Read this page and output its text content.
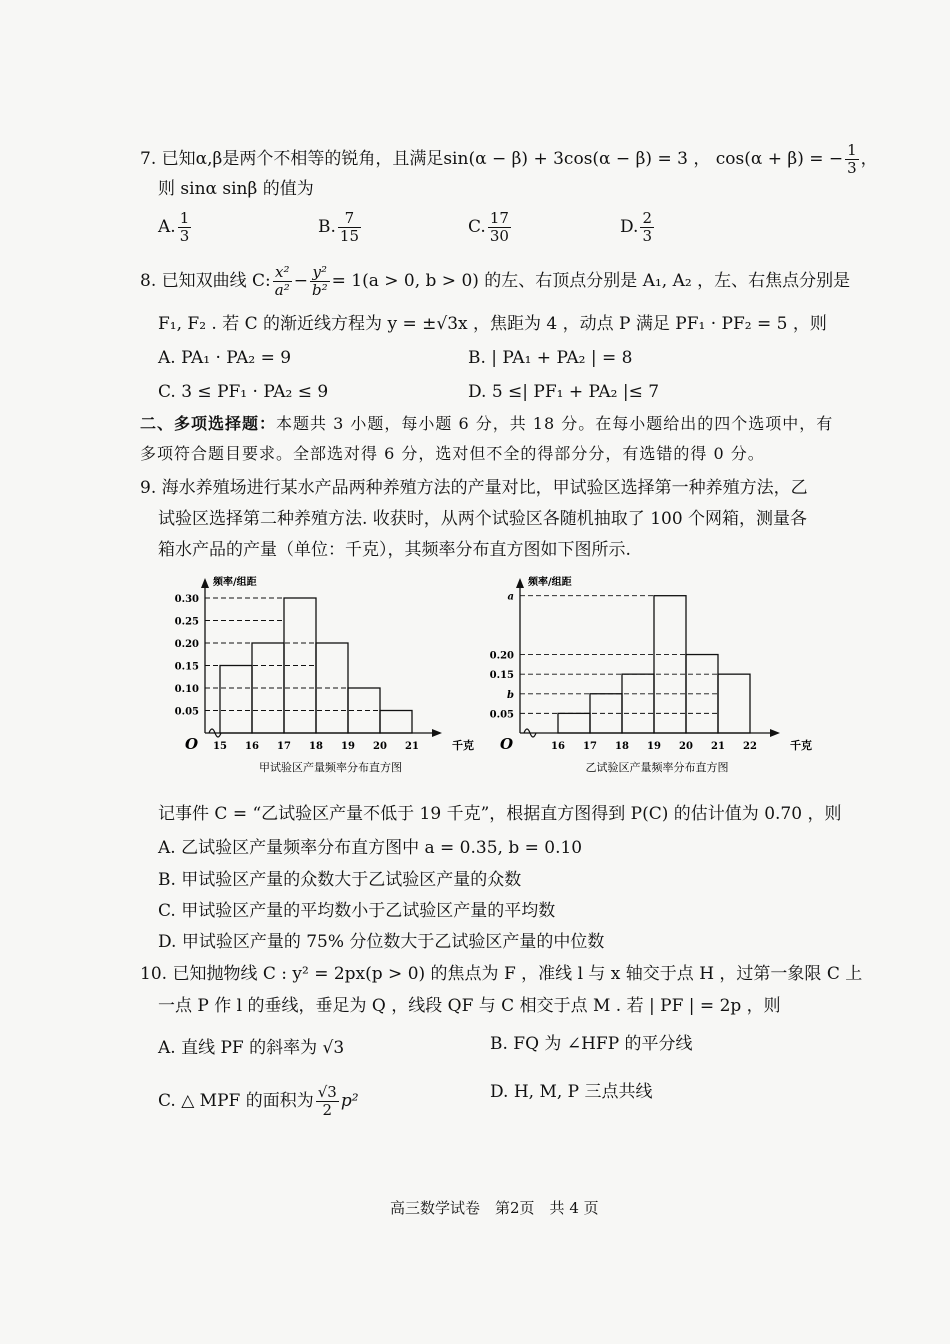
7. 已知α,β是两个不相等的锐角，且满足sin(α − β) + 3cos(α − β) = 3 ， cos(α + β) = − $\frac{1}{3}$ ，
则 sinα sinβ 的值为
A. $\frac{1}{3}$	B. $\frac{7}{15}$	C. $\frac{17}{30}$	D. $\frac{2}{3}$
8. 已知双曲线 C: $\frac{\text{x²}}{\text{a²}} - \frac{\text{y²}}{\text{b²}} = 1(a > 0$, b > 0) 的左、右顶点分别是 A₁, A₂ ，左、右焦点分别是
F₁, F₂ . 若 C 的渐近线方程为 y = ±√3x ，焦距为 4 ，动点 P 满足 PF₁ · PF₂ = 5 ，则
A. PA₁ · PA₂ = 9	B. | PA₁ + PA₂ | = 8
C. 3 ≤ PF₁ · PA₂ ≤ 9	D. 5 ≤| PF₁ + PA₂ |≤ 7
二、多项选择题：本题共 3 小题，每小题 6 分，共 18 分。在每小题给出的四个选项中，有
多项符合题目要求。全部选对得 6 分，选对但不全的得部分分，有选错的得 0 分。
9. 海水养殖场进行某水产品两种养殖方法的产量对比，甲试验区选择第一种养殖方法，乙
试验区选择第二种养殖方法. 收获时，从两个试验区各随机抽取了 100 个网箱，测量各
箱水产品的产量（单位：千克），其频率分布直方图如下图所示.
0.30
0.25
0.20
0.15
0.10
0.05
15 16 17 18 19 20 21
O
频率/组距
千克
甲试验区产量频率分布直方图
a
0.20
0.15
b
0.05
16 17 18 19 20 21 22
O
频率/组距
千克
乙试验区产量频率分布直方图
记事件 C = “乙试验区产量不低于 19 千克”，根据直方图得到 P(C) 的估计值为 0.70 ，则
A. 乙试验区产量频率分布直方图中 a = 0.35, b = 0.10
B. 甲试验区产量的众数大于乙试验区产量的众数
C. 甲试验区产量的平均数小于乙试验区产量的平均数
D. 甲试验区产量的 75% 分位数大于乙试验区产量的中位数
10. 已知抛物线 C : y² = 2px(p > 0) 的焦点为 F ，准线 l 与 x 轴交于点 H ，过第一象限 C 上
一点 P 作 l 的垂线，垂足为 Q ，线段 QF 与 C 相交于点 M . 若 | PF | = 2p ，则
A. 直线 PF 的斜率为 √3	B. FQ 为 ∠HFP 的平分线
C. △ MPF 的面积为 $\frac{√3}{2} p^2$	D. H, M, P 三点共线
高三数学试卷　第2页　共 4 页
